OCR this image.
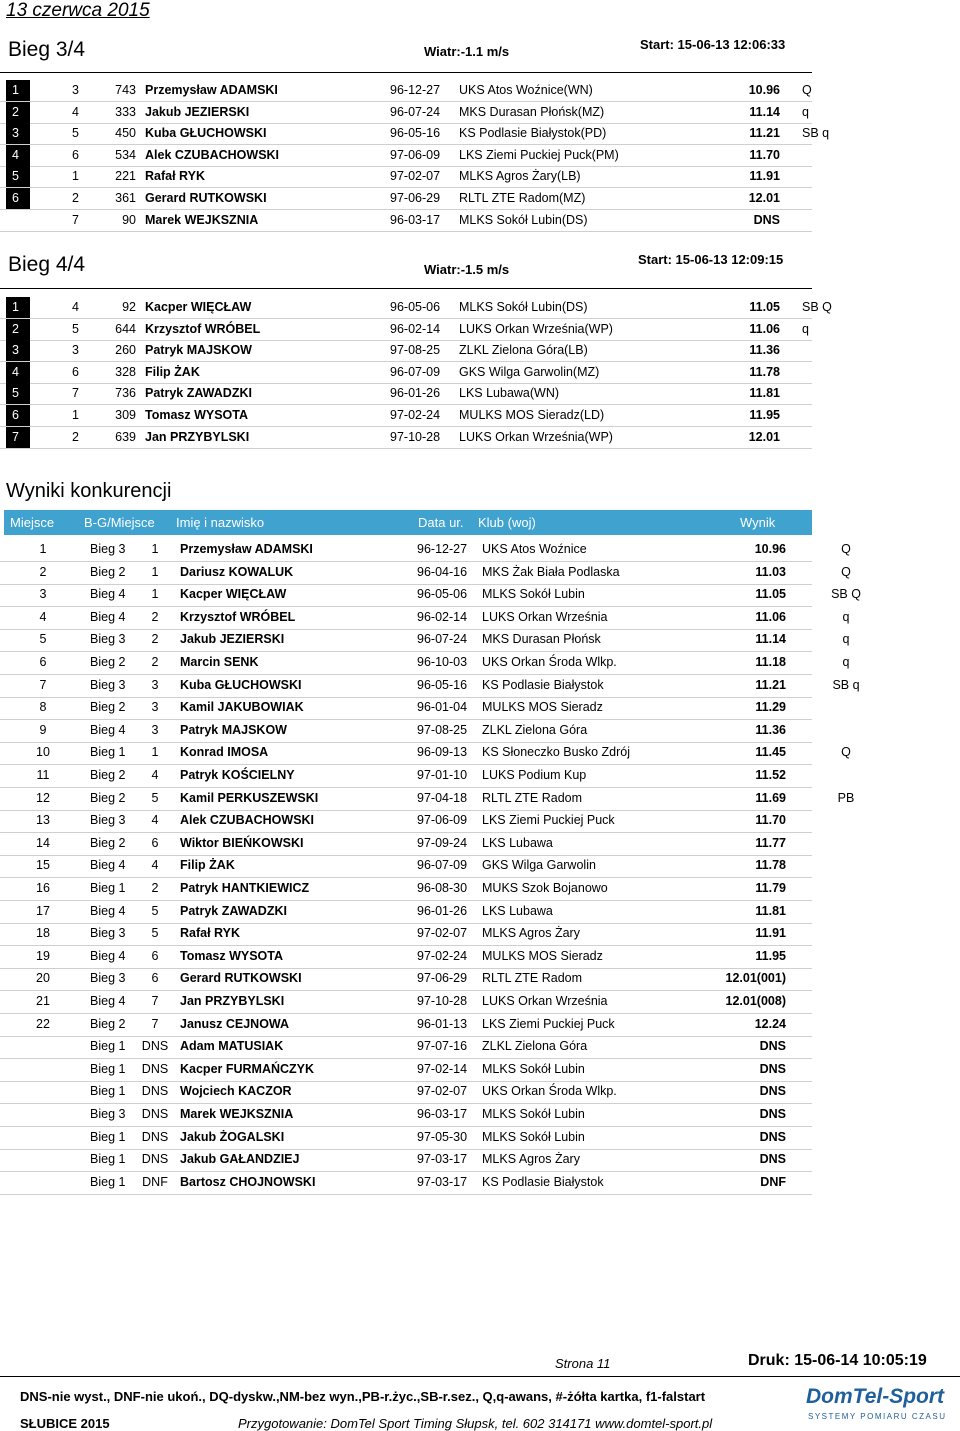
13 czerwca 2015
Bieg 3/4	Wiatr:-1.1 m/s	Start: 15-06-13 12:06:33
1	3	743 Przemysław ADAMSKI	96-12-27 UKS Atos Woźnice(WN)	10.96 Q
2	4	333 Jakub JEZIERSKI	96-07-24 MKS Durasan Płońsk(MZ)	11.14 q
3	5	450 Kuba GŁUCHOWSKI	96-05-16 KS Podlasie Białystok(PD)	11.21 SB q
4	6	534 Alek CZUBACHOWSKI	97-06-09 LKS Ziemi Puckiej Puck(PM)	11.70
5	1	221 Rafał RYK	97-02-07 MLKS Agros Żary(LB)	11.91
6	2	361 Gerard RUTKOWSKI	97-06-29 RLTL ZTE Radom(MZ)	12.01
7	90 Marek WEJKSZNIA	96-03-17 MLKS Sokół Lubin(DS)	DNS
Bieg 4/4	Wiatr:-1.5 m/s
Start: 15-06-13 12:09:15
1	4	92 Kacper WIĘCŁAW	96-05-06 MLKS Sokół Lubin(DS)	11.05 SB Q
2	5	644 Krzysztof WRÓBEL	96-02-14 LUKS Orkan Września(WP)	11.06 q
3	3	260 Patryk MAJSKOW	97-08-25 ZLKL Zielona Góra(LB)	11.36
4	6	328 Filip ŻAK	96-07-09 GKS Wilga Garwolin(MZ)	11.78
5	7	736 Patryk ZAWADZKI	96-01-26 LKS Lubawa(WN)	11.81
6	1	309 Tomasz WYSOTA	97-02-24 MULKS MOS Sieradz(LD)	11.95
7	2	639 Jan PRZYBYLSKI	97-10-28 LUKS Orkan Września(WP)	12.01
Wyniki konkurencji
Miejsce B-G/Miejsce Imię i nazwisko	Data ur. Klub (woj)	Wynik
1	Bieg 3	1	Przemysław ADAMSKI	96-12-27 UKS Atos Woźnice	10.96	Q
2	Bieg 2	1	Dariusz KOWALUK	96-04-16 MKS Żak Biała Podlaska	11.03	Q
3	Bieg 4	1	Kacper WIĘCŁAW	96-05-06 MLKS Sokół Lubin	11.05	SB Q
4	Bieg 4	2	Krzysztof WRÓBEL	96-02-14 LUKS Orkan Września	11.06	q
5	Bieg 3	2	Jakub JEZIERSKI	96-07-24 MKS Durasan Płońsk	11.14	q
6	Bieg 2	2	Marcin SENK	96-10-03 UKS Orkan Środa Wlkp.	11.18	q
7	Bieg 3	3	Kuba GŁUCHOWSKI	96-05-16 KS Podlasie Białystok	11.21	SB q
8	Bieg 2	3	Kamil JAKUBOWIAK	96-01-04 MULKS MOS Sieradz	11.29
9	Bieg 4	3	Patryk MAJSKOW	97-08-25 ZLKL Zielona Góra	11.36
10	Bieg 1	1	Konrad IMOSA	96-09-13 KS Słoneczko Busko Zdrój	11.45	Q
11	Bieg 2	4	Patryk KOŚCIELNY	97-01-10 LUKS Podium Kup	11.52
12	Bieg 2	5	Kamil PERKUSZEWSKI	97-04-18 RLTL ZTE Radom	11.69	PB
13	Bieg 3	4	Alek CZUBACHOWSKI	97-06-09 LKS Ziemi Puckiej Puck	11.70
14	Bieg 2	6	Wiktor BIEŃKOWSKI	97-09-24 LKS Lubawa	11.77
15	Bieg 4	4	Filip ŻAK	96-07-09 GKS Wilga Garwolin	11.78
16	Bieg 1	2	Patryk HANTKIEWICZ	96-08-30 MUKS Szok Bojanowo	11.79
17	Bieg 4	5	Patryk ZAWADZKI	96-01-26 LKS Lubawa	11.81
18	Bieg 3	5	Rafał RYK	97-02-07 MLKS Agros Żary	11.91
19	Bieg 4	6	Tomasz WYSOTA	97-02-24 MULKS MOS Sieradz	11.95
20	Bieg 3	6	Gerard RUTKOWSKI	97-06-29 RLTL ZTE Radom	12.01(001)
21	Bieg 4	7	Jan PRZYBYLSKI	97-10-28 LUKS Orkan Września	12.01(008)
22	Bieg 2	7	Janusz CEJNOWA	96-01-13 LKS Ziemi Puckiej Puck	12.24
Bieg 1 DNS Adam MATUSIAK	97-07-16 ZLKL Zielona Góra	DNS
Bieg 1 DNS Kacper FURMAŃCZYK	97-02-14 MLKS Sokół Lubin	DNS
Bieg 1 DNS Wojciech KACZOR	97-02-07 UKS Orkan Środa Wlkp.	DNS
Bieg 3 DNS Marek WEJKSZNIA	96-03-17 MLKS Sokół Lubin	DNS
Bieg 1 DNS Jakub ŻOGALSKI	97-05-30 MLKS Sokół Lubin	DNS
Bieg 1 DNS Jakub GAŁANDZIEJ	97-03-17 MLKS Agros Żary	DNS
Bieg 1 DNF Bartosz CHOJNOWSKI	97-03-17 KS Podlasie Białystok	DNF
Strona 11	Druk: 15-06-14 10:05:19
DNS-nie wyst., DNF-nie ukoń., DQ-dyskw.,NM-bez wyn.,PB-r.życ.,SB-r.sez., Q,q-awans, #-żółta kartka, f1-falstart
SŁUBICE 2015	Przygotowanie: DomTel Sport Timing Słupsk, tel. 602 314171 www.domtel-sport.pl
DomTel-Sport
SYSTEMY POMIARU CZASU
